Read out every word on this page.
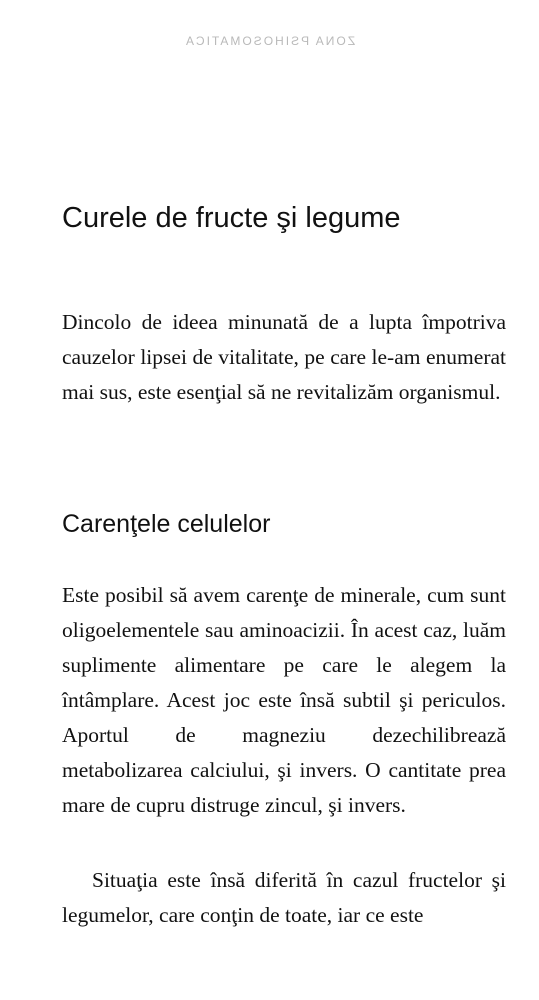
ZONA PSIHOSOMATICA
Curele de fructe şi legume

Dincolo de ideea minunată de a lupta împotriva cauzelor lipsei de vitalitate, pe care le-am enumerat mai sus, este esenţial să ne revitalizăm organismul.

Carenţele celulelor

Este posibil să avem carenţe de minerale, cum sunt oligoelementele sau aminoacizii. În acest caz, luăm suplimente alimentare pe care le alegem la întâmplare. Acest joc este însă subtil şi periculos. Aportul de magneziu dezechilibrează metabolizarea calciului, şi invers. O cantitate prea mare de cupru distruge zincul, şi invers.

Situaţia este însă diferită în cazul fructelor şi legumelor, care conţin de toate, iar ce este
